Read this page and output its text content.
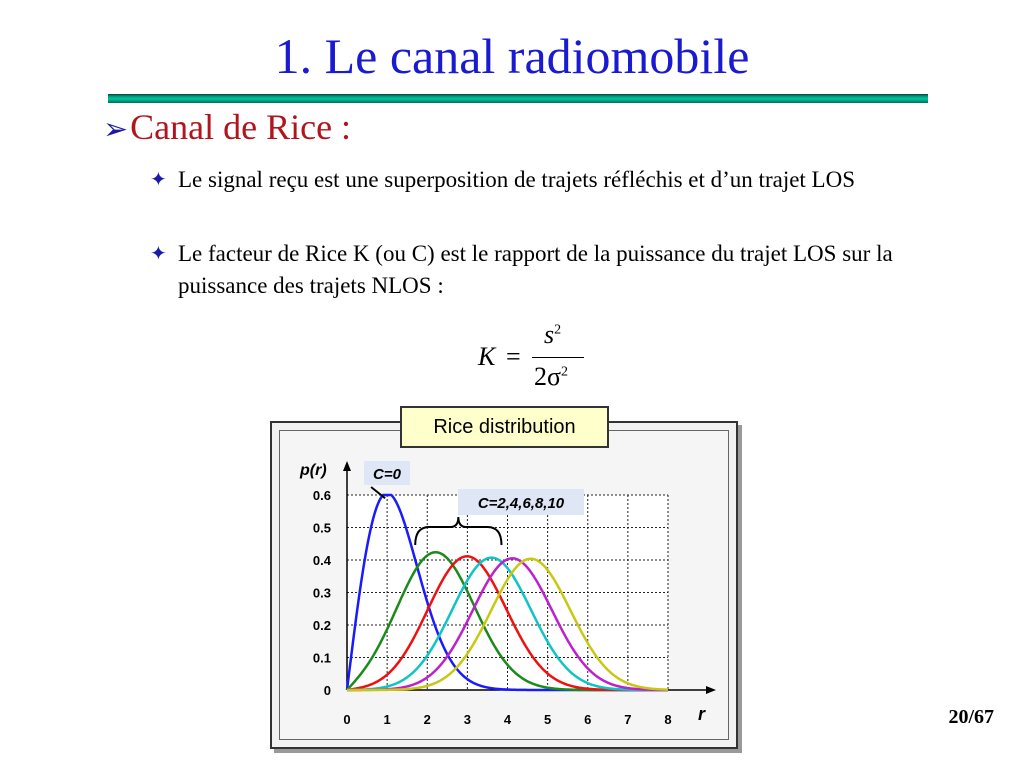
1. Le canal radiomobile
➢Canal de Rice :
✦ Le signal reçu est une superposition de trajets réfléchis et d’un trajet LOS
✦ Le facteur de Rice K (ou C) est le rapport de la puissance du trajet LOS sur la puissance des trajets NLOS :
K =
$s^2$
$2\sigma^2$
0	1	2	3	4	5	6	7	8
0
0.1
0.2
0.3
0.4
0.5
0.6
p(r)
r
C=0
C=2,4,6,8,10
Rice distribution
20/67
